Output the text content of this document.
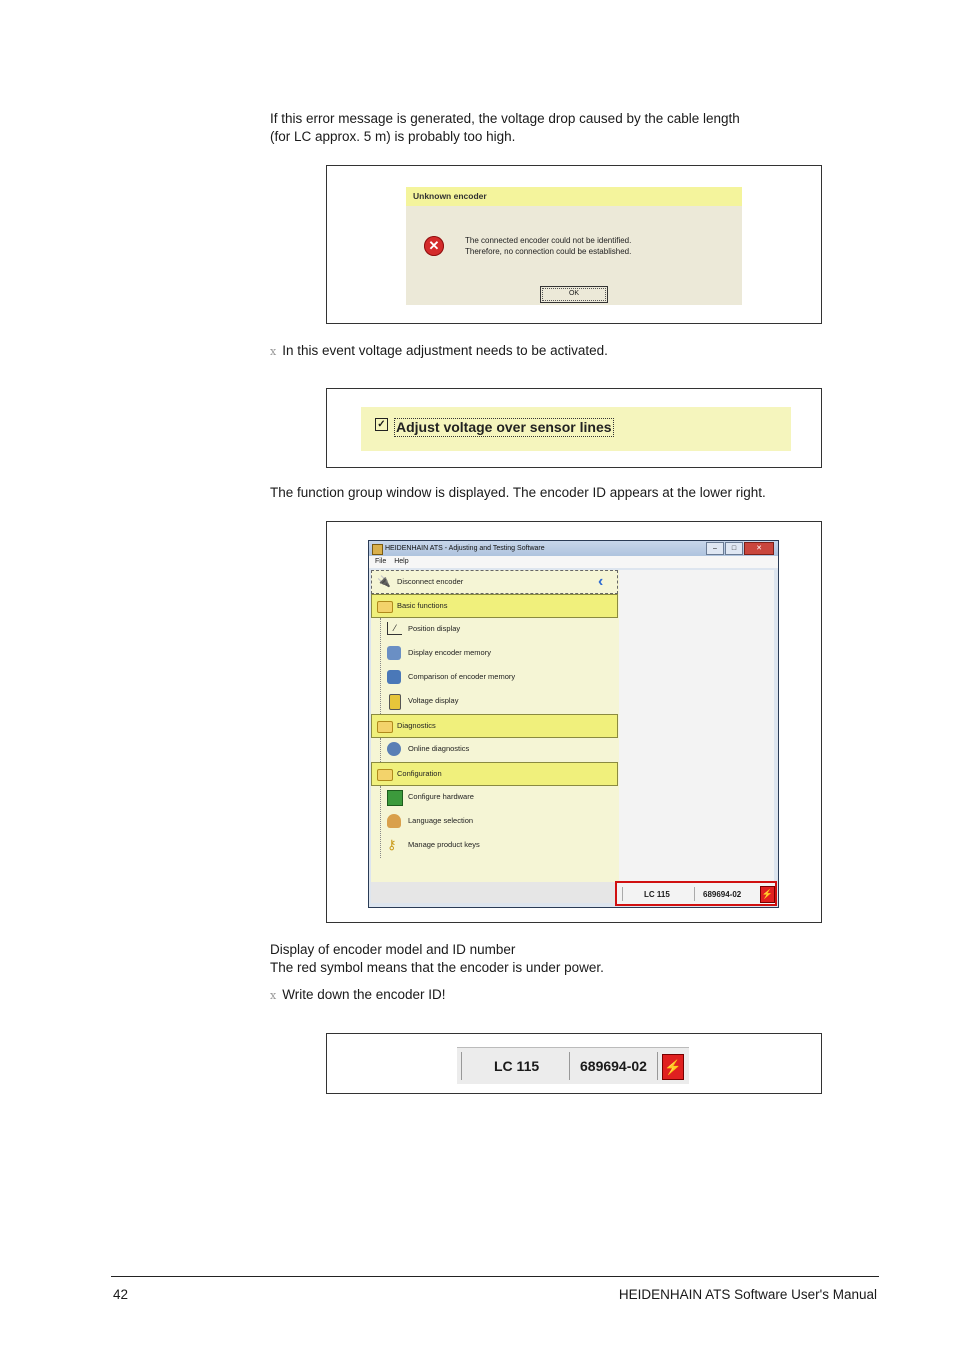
If this error message is generated, the voltage drop caused by the cable length
(for LC approx. 5 m) is probably too high.
Unknown encoder
✕	The connected encoder could not be identified.
Therefore, no connection could be established.
OK
x In this event voltage adjustment needs to be activated.
✓ Adjust voltage over sensor lines
The function group window is displayed. The encoder ID appears at the lower right.
HEIDENHAIN ATS - Adjusting and Testing Software	–	□	✕
File Help
🔌 Disconnect encoder	‹
Basic functions
⁄	Position display
Display encoder memory
Comparison of encoder memory
Voltage display
Diagnostics
Online diagnostics
Configuration
Configure hardware
Language selection
⚷	Manage product keys
LC 115	689694-02 ⚡
Display of encoder model and ID number
The red symbol means that the encoder is under power.
x Write down the encoder ID!
LC 115	689694-02 ⚡
42	HEIDENHAIN ATS Software User's Manual
